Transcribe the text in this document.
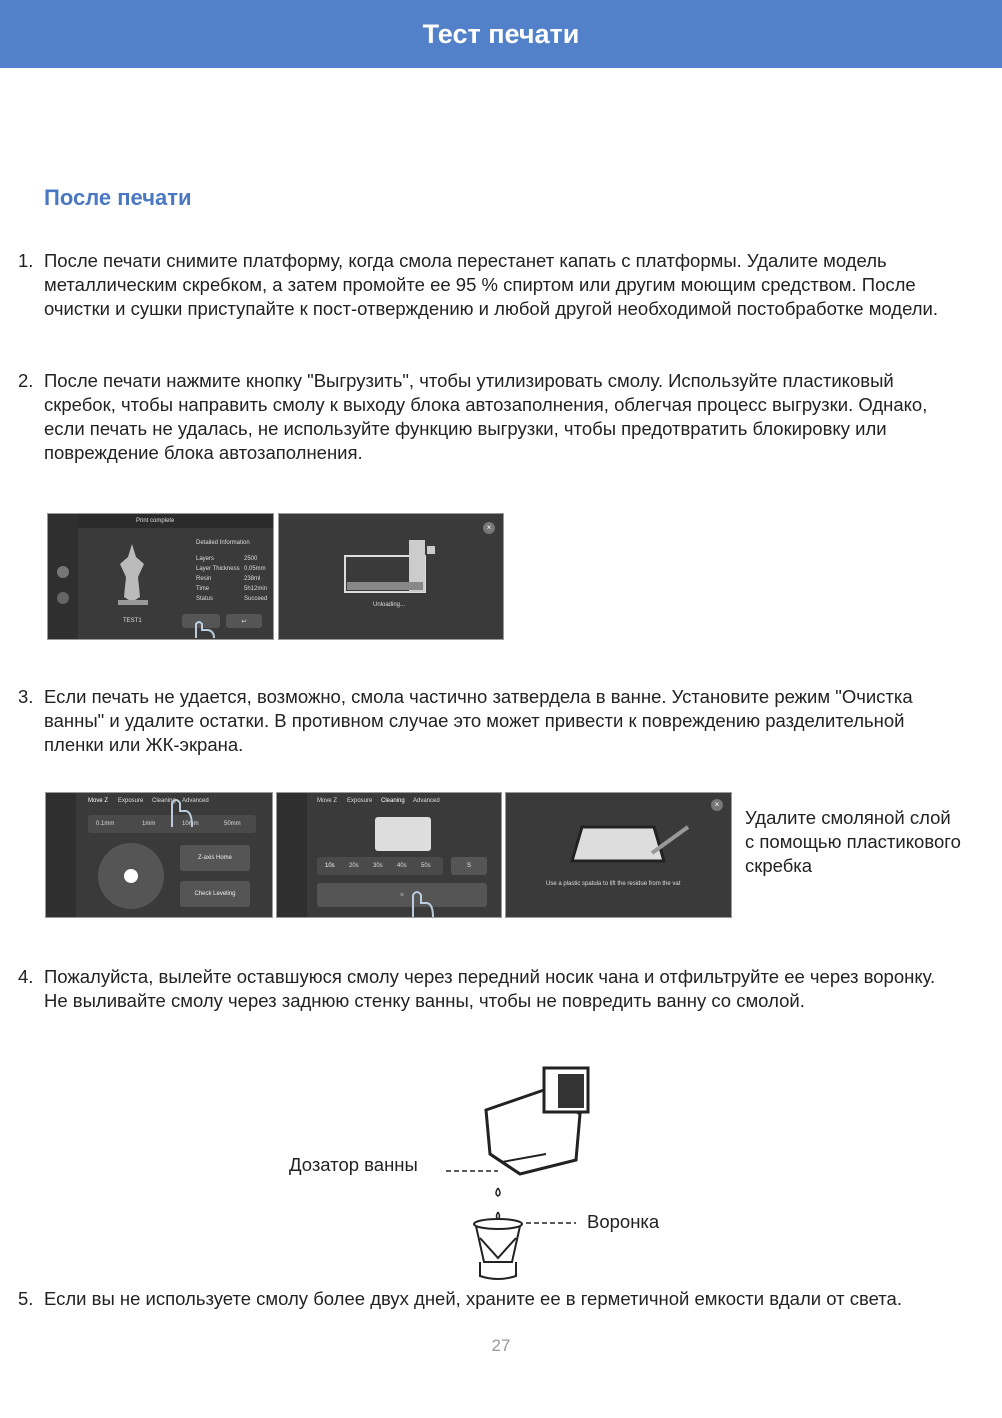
Тест печати
После печати
1. После печати снимите платформу, когда смола перестанет капать с платформы. Удалите модель металлическим скребком, а затем промойте ее 95 % спиртом или другим моющим средством. После очистки и сушки приступайте к пост-отверждению и любой другой необходимой постобработке модели.
2. После печати нажмите кнопку "Выгрузить", чтобы утилизировать смолу. Используйте пластиковый скребок, чтобы направить смолу к выходу блока автозаполнения, облегчая процесс выгрузки. Однако, если печать не удалась, не используйте функцию выгрузки, чтобы предотвратить блокировку или повреждение блока автозаполнения.
Print complete
TEST1
Detailed Information
Layers	2500
Layer Thickness 0.05mm
Resin	238ml
Time	5h12min
Status	Succeed
↩
×
Unloading...
3. Если печать не удается, возможно, смола частично затвердела в ванне. Установите режим "Очистка ванны" и удалите остатки. В противном случае это может привести к повреждению разделительной пленки или ЖК-экрана.
Move Z Exposure Cleaning Advanced
0.1mm	1mm	10mm	50mm
Z-axis Home
Check Leveling
Move Z Exposure Cleaning Advanced
10s 20s 30s 40s 50s	S
☼
×
Use a plastic spatula to lift the residue from the vat
Удалите смоляной слой с помощью пластикового скребка
4. Пожалуйста, вылейте оставшуюся смолу через передний носик чана и отфильтруйте ее через воронку. Не выливайте смолу через заднюю стенку ванны, чтобы не повредить ванну со смолой.
Дозатор ванны
Воронка
5. Если вы не используете смолу более двух дней, храните ее в герметичной емкости вдали от света.
27
